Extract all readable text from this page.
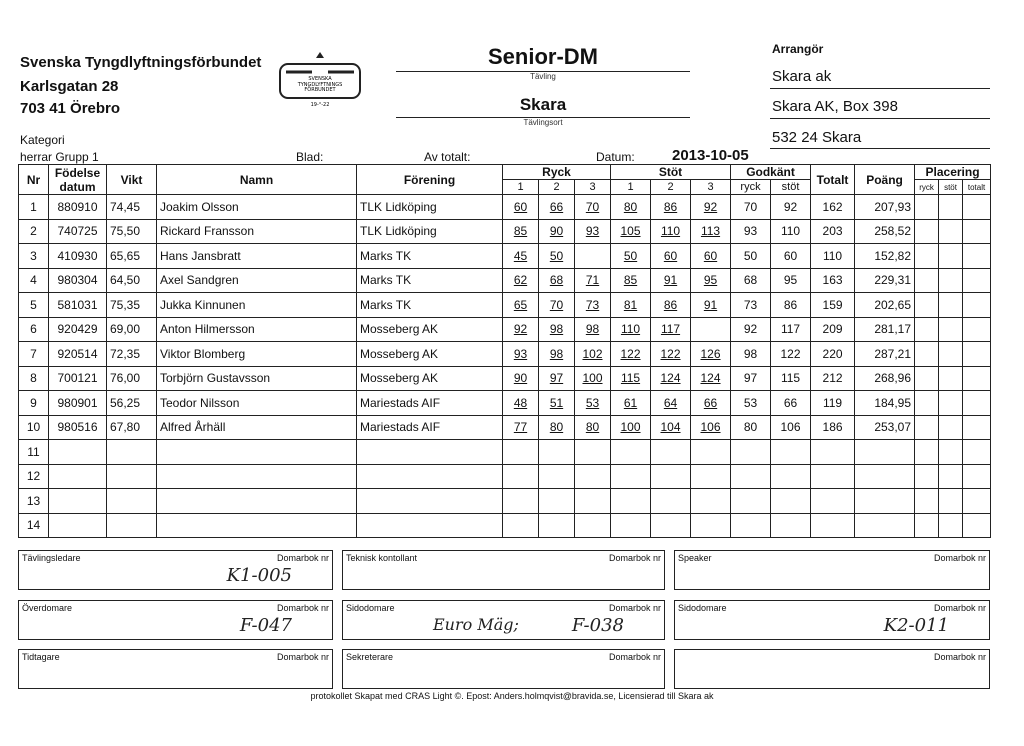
Svenska Tyngdlyftningsförbundet
Karlsgatan 28
703 41 Örebro
SVENSKA
TYNGDLYFTNINGS
FÖRBUNDET
19-°-22
Senior-DM
Tävling
Skara
Tävlingsort
Arrangör
Skara ak
Skara AK, Box 398
532 24 Skara
Kategori
herrar Grupp 1	Blad:	Av totalt:	Datum: 2013-10-05
Nr	Födelse
datum	Vikt	Namn	Förening	Ryck			Stöt			Godkänt		Totalt	Poäng	Placering		
					1	2	3	1	2	3	ryck	stöt			ryck	stöt	totalt
1	880910	74,45	Joakim Olsson	TLK Lidköping	60	66	70	80	86	92	70	92	162	207,93			
2	740725	75,50	Rickard Fransson	TLK Lidköping	85	90	93	105	110	113	93	110	203	258,52			
3	410930	65,65	Hans Jansbratt	Marks TK	45	50		50	60	60	50	60	110	152,82			
4	980304	64,50	Axel Sandgren	Marks TK	62	68	71	85	91	95	68	95	163	229,31			
5	581031	75,35	Jukka Kinnunen	Marks TK	65	70	73	81	86	91	73	86	159	202,65			
6	920429	69,00	Anton Hilmersson	Mosseberg AK	92	98	98	110	117		92	117	209	281,17			
7	920514	72,35	Viktor Blomberg	Mosseberg AK	93	98	102	122	122	126	98	122	220	287,21			
8	700121	76,00	Torbjörn Gustavsson	Mosseberg AK	90	97	100	115	124	124	97	115	212	268,96			
9	980901	56,25	Teodor Nilsson	Mariestads AIF	48	51	53	61	64	66	53	66	119	184,95			
10	980516	67,80	Alfred Århäll	Mariestads AIF	77	80	80	100	104	106	80	106	186	253,07			
11																	
12																	
13																	
14																	
Tävlingsledare	Domarbok nr
K1-005
Teknisk kontollant	Domarbok nr Speaker	Domarbok nr
Överdomare	Domarbok nr
F-047
Sidodomare	Domarbok nr
Euro Mäg;	F-038
Sidodomare	Domarbok nr
K2-011
Tidtagare	Domarbok nr Sekreterare	Domarbok nr	Domarbok nr
protokollet Skapat med CRAS Light ©. Epost: Anders.holmqvist@bravida.se, Licensierad till Skara ak
